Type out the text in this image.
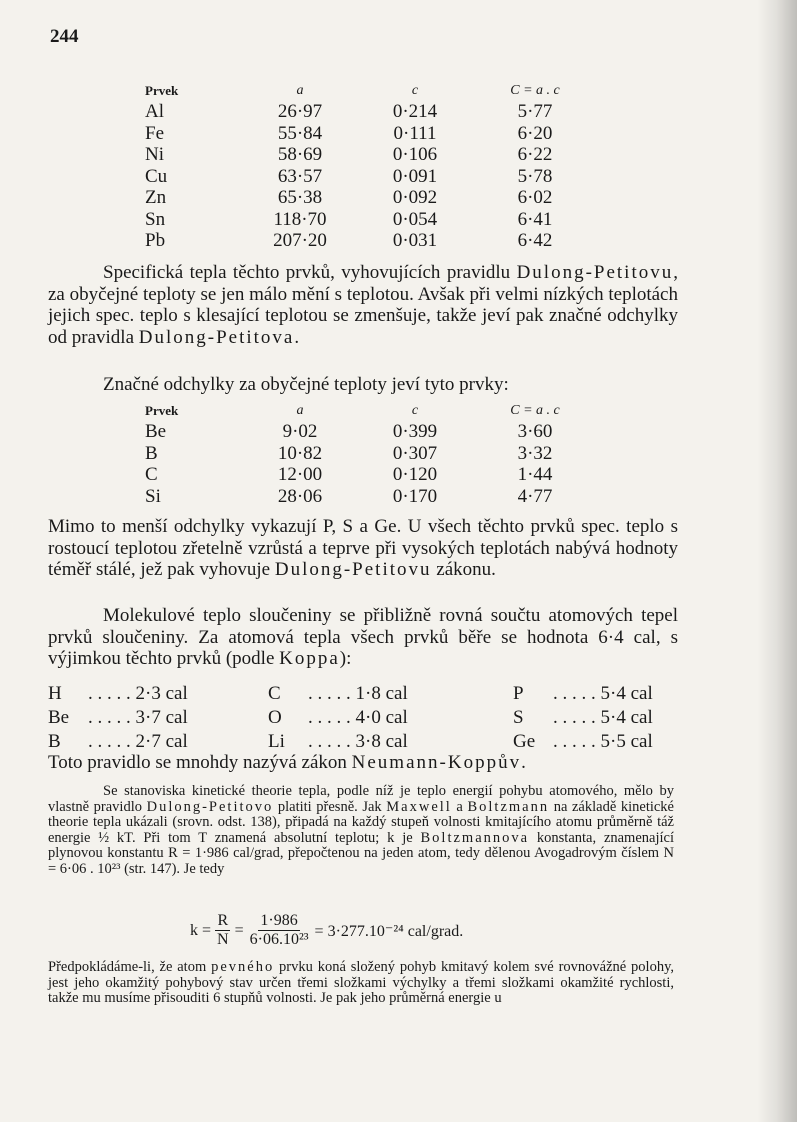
244
Prvek	a	c	C = a . c
Al	26·97	0·214	5·77
Fe	55·84	0·111	6·20
Ni	58·69	0·106	6·22
Cu	63·57	0·091	5·78
Zn	65·38	0·092	6·02
Sn	118·70	0·054	6·41
Pb	207·20	0·031	6·42
Specifická tepla těchto prvků, vyhovujících pravidlu Dulong-Petitovu, za obyčejné teploty se jen málo mění s teplotou. Avšak při velmi nízkých teplotách jejich spec. teplo s klesající teplotou se zmenšuje, takže jeví pak značné odchylky od pravidla Dulong-Petitova.
Značné odchylky za obyčejné teploty jeví tyto prvky:
Prvek	a	c	C = a . c
Be	9·02	0·399	3·60
B	10·82	0·307	3·32
C	12·00	0·120	1·44
Si	28·06	0·170	4·77
Mimo to menší odchylky vykazují P, S a Ge. U všech těchto prvků spec. teplo s rostoucí teplotou zřetelně vzrůstá a teprve při vysokých teplotách nabývá hodnoty téměř stálé, jež pak vyhovuje Dulong-Petitovu zákonu.
Molekulové teplo sloučeniny se přibližně rovná součtu atomových tepel prvků sloučeniny. Za atomová tepla všech prvků běře se hodnota 6·4 cal, s výjimkou těchto prvků (podle Koppa):
H	. . . . . 2·3 cal	C	. . . . . 1·8 cal	P	. . . . . 5·4 cal
Be	. . . . . 3·7 cal	O	. . . . . 4·0 cal	S	. . . . . 5·4 cal
B	. . . . . 2·7 cal	Li	. . . . . 3·8 cal	Ge	. . . . . 5·5 cal
Toto pravidlo se mnohdy nazývá zákon Neumann-Koppův.
Se stanoviska kinetické theorie tepla, podle níž je teplo energií pohybu atomového, mělo by vlastně pravidlo Dulong-Petitovo platiti přesně. Jak Maxwell a Boltzmann na základě kinetické theorie tepla ukázali (srovn. odst. 138), připadá na každý stupeň volnosti kmitajícího atomu průměrně táž energie ½ kT. Při tom T znamená absolutní teplotu; k je Boltzmannova konstanta, znamenající plynovou konstantu R = 1·986 cal/grad, přepočtenou na jeden atom, tedy dělenou Avogadrovým číslem N = 6·06 . 10²³ (str. 147). Je tedy
$k = \frac{R}{N} = \frac{1\cdot 986}{\text{6·06.10²³}} = 3\cdot 277.10^{-24}$ cal/grad.
Předpokládáme-li, že atom pevného prvku koná složený pohyb kmitavý kolem své rovnovážné polohy, jest jeho okamžitý pohybový stav určen třemi složkami výchylky a třemi složkami okamžité rychlosti, takže mu musíme přisouditi 6 stupňů volnosti. Je pak jeho průměrná energie u
